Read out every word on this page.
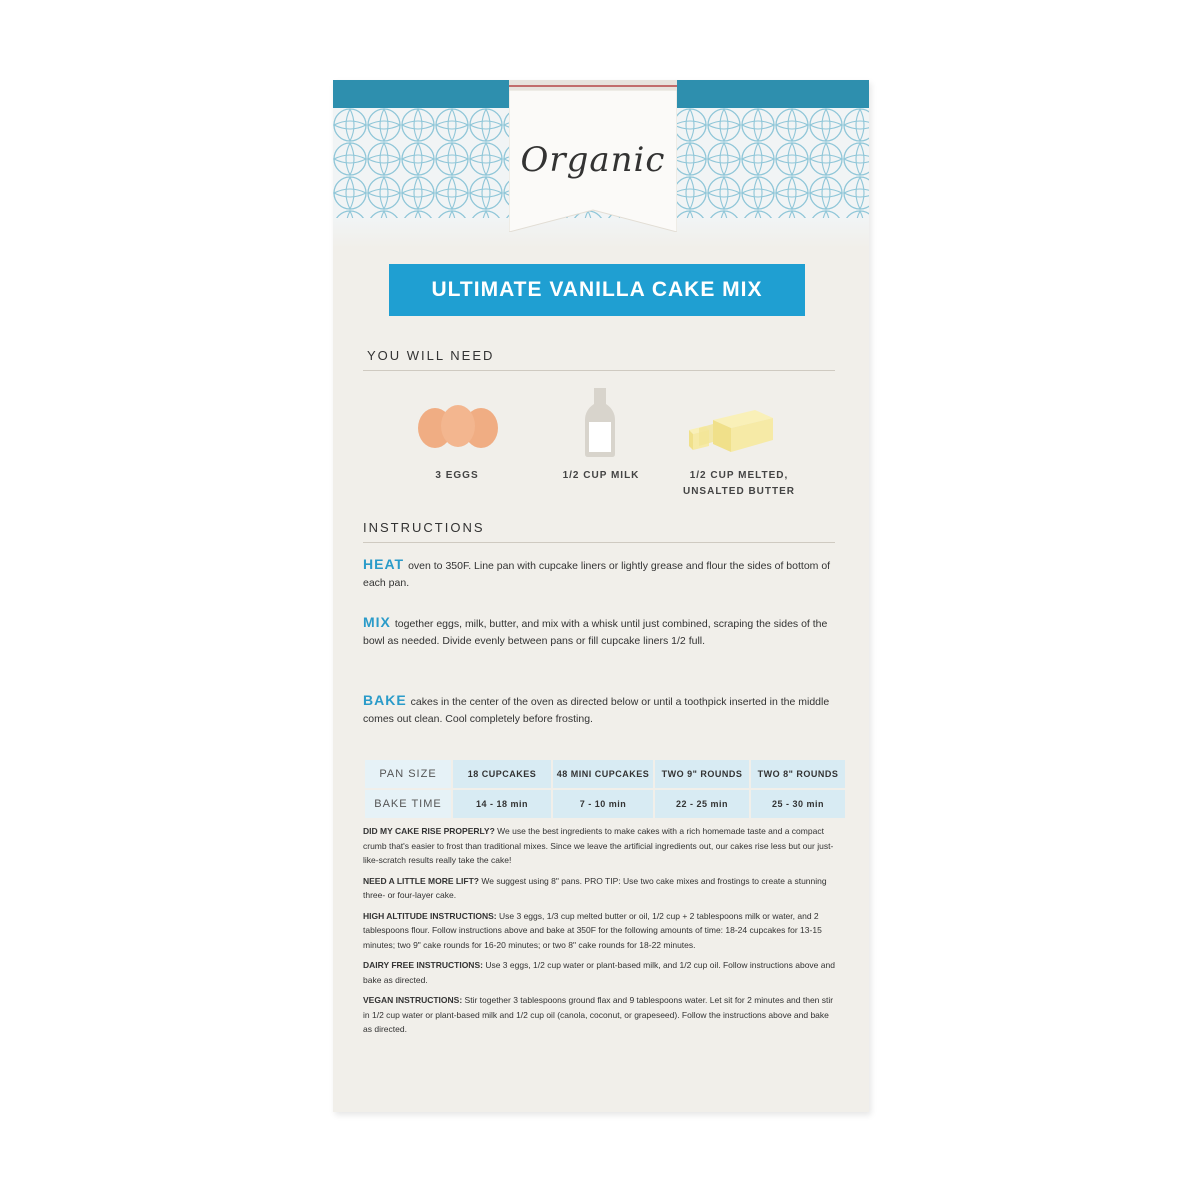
Organic
ULTIMATE VANILLA CAKE MIX
YOU WILL NEED
3 EGGS	1/2 CUP MILK	1/2 CUP MELTED,
UNSALTED BUTTER
INSTRUCTIONS
HEAT oven to 350F. Line pan with cupcake liners or lightly grease and flour the sides of bottom of each pan.
MIX together eggs, milk, butter, and mix with a whisk until just combined, scraping the sides of the bowl as needed. Divide evenly between pans or fill cupcake liners 1/2 full.
BAKE cakes in the center of the oven as directed below or until a toothpick inserted in the middle comes out clean. Cool completely before frosting.
PAN SIZE	18 CUPCAKES	48 MINI CUPCAKES	TWO 9" ROUNDS	TWO 8" ROUNDS
BAKE TIME	14 - 18 min	7 - 10 min	22 - 25 min	25 - 30 min

DID MY CAKE RISE PROPERLY? We use the best ingredients to make cakes with a rich homemade taste and a compact crumb that's easier to frost than traditional mixes. Since we leave the artificial ingredients out, our cakes rise less but our just-like-scratch results really take the cake!

NEED A LITTLE MORE LIFT? We suggest using 8" pans. PRO TIP: Use two cake mixes and frostings to create a stunning three- or four-layer cake.

HIGH ALTITUDE INSTRUCTIONS: Use 3 eggs, 1/3 cup melted butter or oil, 1/2 cup + 2 tablespoons milk or water, and 2 tablespoons flour. Follow instructions above and bake at 350F for the following amounts of time: 18-24 cupcakes for 13-15 minutes; two 9" cake rounds for 16-20 minutes; or two 8" cake rounds for 18-22 minutes.

DAIRY FREE INSTRUCTIONS: Use 3 eggs, 1/2 cup water or plant-based milk, and 1/2 cup oil. Follow instructions above and bake as directed.

VEGAN INSTRUCTIONS: Stir together 3 tablespoons ground flax and 9 tablespoons water. Let sit for 2 minutes and then stir in 1/2 cup water or plant-based milk and 1/2 cup oil (canola, coconut, or grapeseed). Follow the instructions above and bake as directed.
